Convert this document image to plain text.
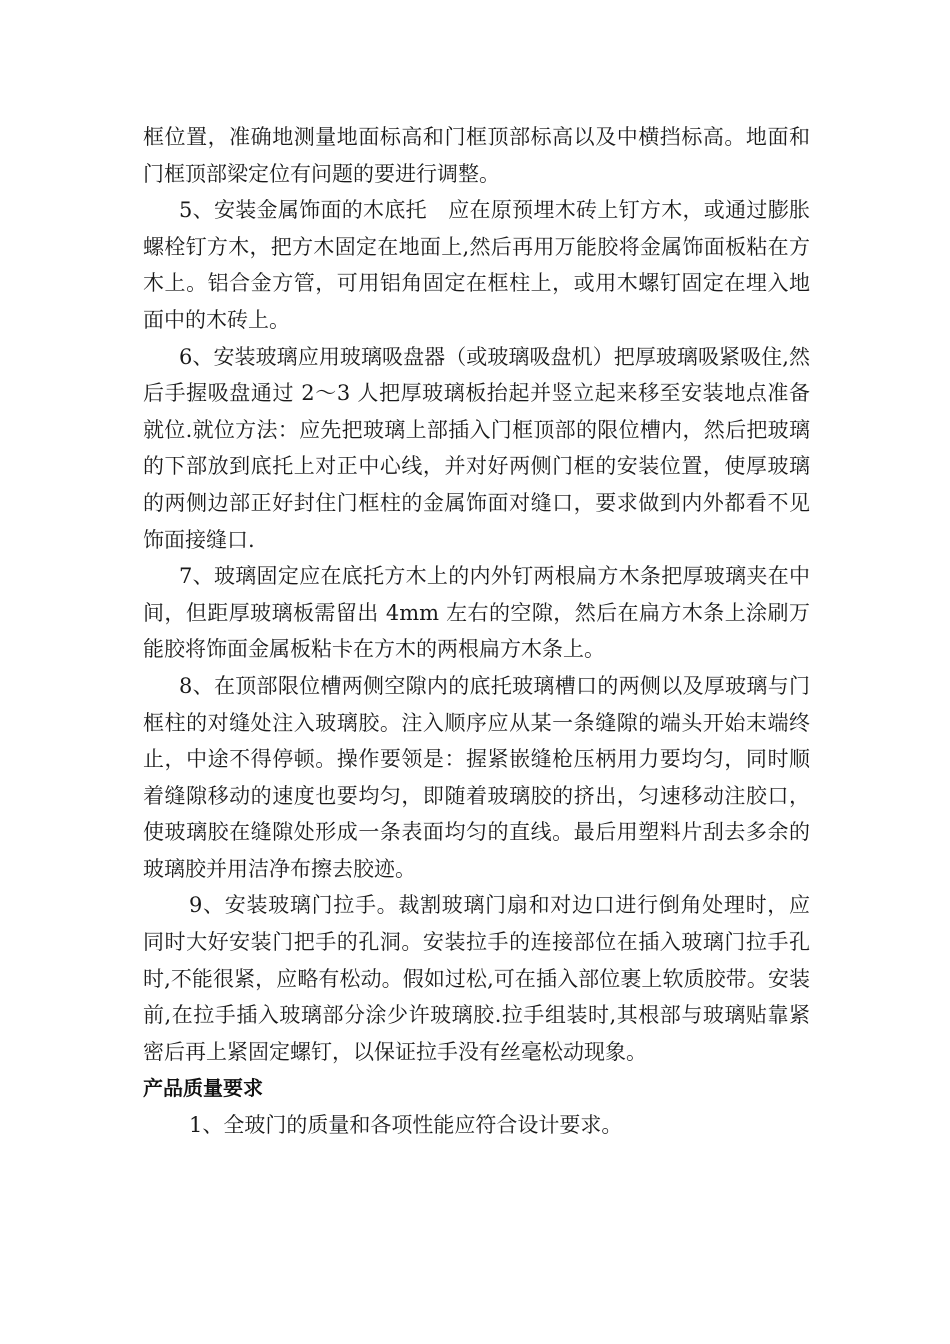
框位置，准确地测量地面标高和门框顶部标高以及中横挡标高。地面和门框顶部梁定位有问题的要进行调整。

5、安装金属饰面的木底托　应在原预埋木砖上钉方木，或通过膨胀螺栓钉方木，把方木固定在地面上,然后再用万能胶将金属饰面板粘在方木上。铝合金方管，可用铝角固定在框柱上，或用木螺钉固定在埋入地面中的木砖上。

6、安装玻璃应用玻璃吸盘器（或玻璃吸盘机）把厚玻璃吸紧吸住,然后手握吸盘通过 2～3 人把厚玻璃板抬起并竖立起来移至安装地点准备就位.就位方法：应先把玻璃上部插入门框顶部的限位槽内，然后把玻璃的下部放到底托上对正中心线，并对好两侧门框的安装位置，使厚玻璃的两侧边部正好封住门框柱的金属饰面对缝口，要求做到内外都看不见饰面接缝口.

7、玻璃固定应在底托方木上的内外钉两根扁方木条把厚玻璃夹在中间，但距厚玻璃板需留出 4mm 左右的空隙，然后在扁方木条上涂刷万能胶将饰面金属板粘卡在方木的两根扁方木条上。

8、在顶部限位槽两侧空隙内的底托玻璃槽口的两侧以及厚玻璃与门框柱的对缝处注入玻璃胶。注入顺序应从某一条缝隙的端头开始末端终止，中途不得停顿。操作要领是：握紧嵌缝枪压柄用力要均匀，同时顺着缝隙移动的速度也要均匀，即随着玻璃胶的挤出，匀速移动注胶口，使玻璃胶在缝隙处形成一条表面均匀的直线。最后用塑料片刮去多余的玻璃胶并用洁净布擦去胶迹。

9、安装玻璃门拉手。裁割玻璃门扇和对边口进行倒角处理时，应同时大好安装门把手的孔洞。安装拉手的连接部位在插入玻璃门拉手孔时,不能很紧，应略有松动。假如过松,可在插入部位裹上软质胶带。安装前,在拉手插入玻璃部分涂少许玻璃胶.拉手组装时,其根部与玻璃贴靠紧密后再上紧固定螺钉，以保证拉手没有丝毫松动现象。

产品质量要求

1、全玻门的质量和各项性能应符合设计要求。
